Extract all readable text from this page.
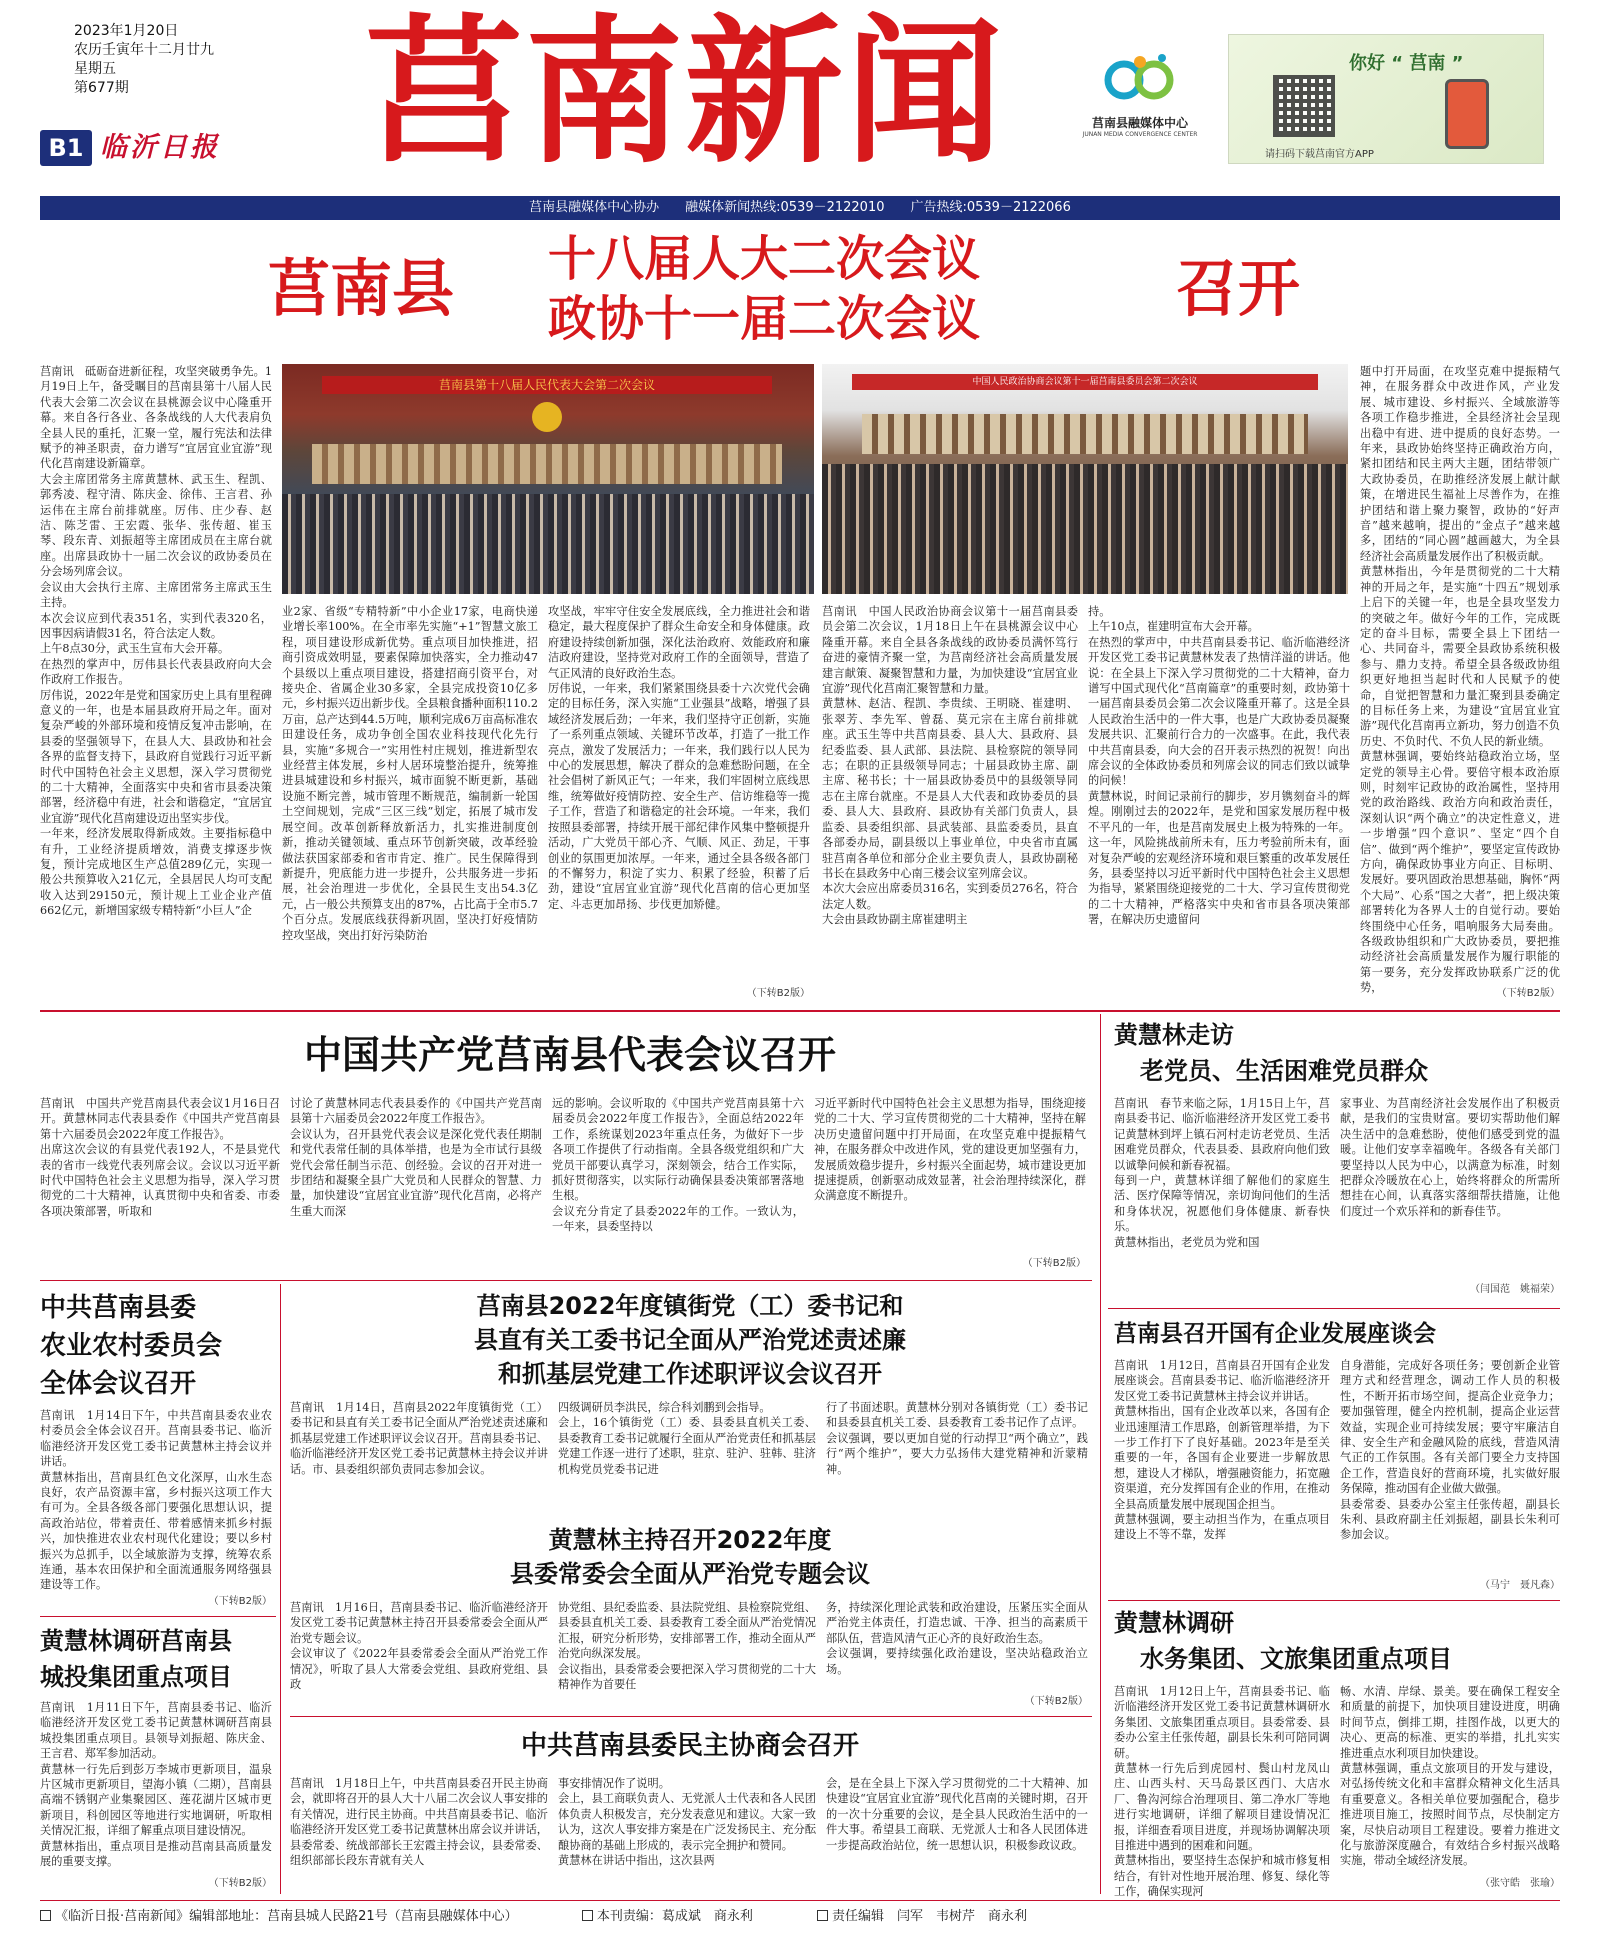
2023年1月20日
农历壬寅年十二月廿九
星期五
第677期
B1 临沂日报 莒南新闻	莒南县融媒体中心
JUNAN MEDIA CONVERGENCE CENTER
你好 “ 莒南 ”
请扫码下载莒南官方APP
莒南县融媒体中心协办　　融媒体新闻热线:0539－2122010　　广告热线:0539－2122066
莒南县 十八届人大二次会议
政协十一届二次会议	召开
莒南县第十八届人民代表大会第二次会议	中国人民政治协商会议第十一届莒南县委员会第二次会议
莒南讯　砥砺奋进新征程，攻坚突破勇争先。1月19日上午，备受瞩目的莒南县第十八届人民代表大会第二次会议在县桃源会议中心隆重开幕。来自各行各业、各条战线的人大代表肩负全县人民的重托，汇聚一堂，履行宪法和法律赋予的神圣职责，奋力谱写“宜居宜业宜游”现代化莒南建设新篇章。
大会主席团常务主席黄慧林、武玉生、程凯、郭秀凌、程守清、陈庆金、徐伟、王言君、孙运伟在主席台前排就座。厉伟、庄少春、赵洁、陈芝雷、王宏霞、张华、张传超、崔玉琴、段东青、刘振超等主席团成员在主席台就座。出席县政协十一届二次会议的政协委员在分会场列席会议。
会议由大会执行主席、主席团常务主席武玉生主持。
本次会议应到代表351名，实到代表320名，因事因病请假31名，符合法定人数。
上午8点30分，武玉生宣布大会开幕。
在热烈的掌声中，厉伟县长代表县政府向大会作政府工作报告。
厉伟说，2022年是党和国家历史上具有里程碑意义的一年，也是本届县政府开局之年。面对复杂严峻的外部环境和疫情反复冲击影响，在县委的坚强领导下，在县人大、县政协和社会各界的监督支持下，县政府自觉践行习近平新时代中国特色社会主义思想，深入学习贯彻党的二十大精神，全面落实中央和省市县委决策部署，经济稳中有进，社会和谐稳定，“宜居宜业宜游”现代化莒南建设迈出坚实步伐。
一年来，经济发展取得新成效。主要指标稳中有升，工业经济提质增效，消费支撑逐步恢复，预计完成地区生产总值289亿元，实现一般公共预算收入21亿元，全县居民人均可支配收入达到29150元，预计规上工业企业产值662亿元，新增国家级专精特新“小巨人”企
业2家、省级“专精特新”中小企业17家，电商快递业增长率100%。在全市率先实施“+1”智慧文旅工程，项目建设形成新优势。重点项目加快推进，招商引资成效明显，要素保障加快落实，全力推动47个县级以上重点项目建设，搭建招商引资平台，对接央企、省属企业30多家，全县完成投资10亿多元，乡村振兴迈出新步伐。全县粮食播种面积110.2万亩，总产达到44.5万吨，顺利完成6万亩高标准农田建设任务，成功争创全国农业科技现代化先行县，实施“多规合一”实用性村庄规划，推进新型农业经营主体发展，乡村人居环境整治提升，统筹推进县城建设和乡村振兴，城市面貌不断更新，基础设施不断完善，城市管理不断规范，编制新一轮国土空间规划，完成“三区三线”划定，拓展了城市发展空间。改革创新释放新活力，扎实推进制度创新，推动关键领域、重点环节创新突破，改革经验做法获国家部委和省市肯定、推广。民生保障得到新提升，兜底能力进一步提升，公共服务进一步拓展，社会治理进一步优化，全县民生支出54.3亿元，占一般公共预算支出的87%，占比高于全市5.7个百分点。发展底线获得新巩固，坚决打好疫情防控攻坚战，突出打好污染防治
攻坚战，牢牢守住安全发展底线，全力推进社会和谐稳定，最大程度保护了群众生命安全和身体健康。政府建设持续创新加强，深化法治政府、效能政府和廉洁政府建设，坚持党对政府工作的全面领导，营造了气正风清的良好政治生态。
厉伟说，一年来，我们紧紧围绕县委十六次党代会确定的目标任务，深入实施“工业强县”战略，增强了县域经济发展后劲；一年来，我们坚持守正创新，实施了一系列重点领域、关键环节改革，打造了一批工作亮点，激发了发展活力；一年来，我们践行以人民为中心的发展思想，解决了群众的急难愁盼问题，在全社会倡树了新风正气；一年来，我们牢固树立底线思维，统筹做好疫情防控、安全生产、信访维稳等一揽子工作，营造了和谐稳定的社会环境。一年来，我们按照县委部署，持续开展干部纪律作风集中整顿提升活动，广大党员干部心齐、气顺、风正、劲足，干事创业的氛围更加浓厚。一年来，通过全县各级各部门的不懈努力，积淀了实力、积累了经验，积蓄了后劲，建设“宜居宜业宜游”现代化莒南的信心更加坚定、斗志更加昂扬、步伐更加矫健。
（下转B2版）
莒南讯　中国人民政治协商会议第十一届莒南县委员会第二次会议，1月18日上午在县桃源会议中心隆重开幕。来自全县各条战线的政协委员满怀笃行奋进的豪情齐聚一堂，为莒南经济社会高质量发展建言献策、凝聚智慧和力量，为加快建设“宜居宜业宜游”现代化莒南汇聚智慧和力量。
黄慧林、赵洁、程凯、李贵续、王明晓、崔建明、张翠芳、李先军、曾磊、莫元宗在主席台前排就座。武玉生等中共莒南县委、县人大、县政府、县纪委监委、县人武部、县法院、县检察院的领导同志；在职的正县级领导同志；十届县政协主席、副主席、秘书长；十一届县政协委员中的县级领导同志在主席台就座。不是县人大代表和政协委员的县委、县人大、县政府、县政协有关部门负责人，县监委、县委组织部、县武装部、县监委委员，县直各部委办局，副县级以上事业单位，中央省市直属驻莒南各单位和部分企业主要负责人，县政协副秘书长在县政务中心南三楼会议室列席会议。
本次大会应出席委员316名，实到委员276名，符合法定人数。
大会由县政协副主席崔建明主
持。
上午10点，崔建明宣布大会开幕。
在热烈的掌声中，中共莒南县委书记、临沂临港经济开发区党工委书记黄慧林发表了热情洋溢的讲话。他说：在全县上下深入学习贯彻党的二十大精神，奋力谱写中国式现代化“莒南篇章”的重要时刻，政协第十一届莒南县委员会第二次会议隆重开幕了。这是全县人民政治生活中的一件大事，也是广大政协委员凝聚发展共识、汇聚前行合力的一次盛事。在此，我代表中共莒南县委，向大会的召开表示热烈的祝贺！向出席会议的全体政协委员和列席会议的同志们致以诚挚的问候！
黄慧林说，时间记录前行的脚步，岁月镌刻奋斗的辉煌。刚刚过去的2022年，是党和国家发展历程中极不平凡的一年，也是莒南发展史上极为特殊的一年。这一年，风险挑战前所未有，压力考验前所未有，面对复杂严峻的宏观经济环境和艰巨繁重的改革发展任务，县委坚持以习近平新时代中国特色社会主义思想为指导，紧紧围绕迎接党的二十大、学习宣传贯彻党的二十大精神，严格落实中央和省市县各项决策部署，在解决历史遗留问
题中打开局面，在攻坚克难中提振精气神，在服务群众中改进作风，产业发展、城市建设、乡村振兴、全域旅游等各项工作稳步推进，全县经济社会呈现出稳中有进、进中提质的良好态势。一年来，县政协始终坚持正确政治方向，紧扣团结和民主两大主题，团结带领广大政协委员，在助推经济发展上献计献策，在增进民生福祉上尽善作为，在推护团结和谐上聚力聚智，政协的“好声音”越来越响，提出的“金点子”越来越多，团结的“同心圆”越画越大，为全县经济社会高质量发展作出了积极贡献。
黄慧林指出，今年是贯彻党的二十大精神的开局之年，是实施“十四五”规划承上启下的关键一年，也是全县攻坚发力的突破之年。做好今年的工作，完成既定的奋斗目标，需要全县上下团结一心、共同奋斗，需要全县政协系统积极参与、鼎力支持。希望全县各级政协组织更好地担当起时代和人民赋予的使命，自觉把智慧和力量汇聚到县委确定的目标任务上来，为建设“宜居宜业宜游”现代化莒南再立新功，努力创造不负历史、不负时代、不负人民的新业绩。
黄慧林强调，要始终站稳政治立场，坚定党的领导主心骨。要倍守根本政治原则，时刻牢记政协的政治属性，坚持用党的政治路线、政治方向和政治责任，深刻认识“两个确立”的决定性意义，进一步增强“四个意识”、坚定“四个自信”、做到“两个维护”，要坚定宣传政协方向，确保政协事业方向正、目标明、发展好。要巩固政治思想基础，胸怀“两个大局”、心系“国之大者”，把上级决策部署转化为各界人士的自觉行动。要始终围绕中心任务，唱响服务大局奏曲。各级政协组织和广大政协委员，要把推动经济社会高质量发展作为履行职能的第一要务，充分发挥政协联系广泛的优势，	（下转B2版）
中国共产党莒南县代表会议召开
莒南讯　中国共产党莒南县代表会议1月16日召开。黄慧林同志代表县委作《中国共产党莒南县第十六届委员会2022年度工作报告》。
出席这次会议的有县党代表192人，不是县党代表的省市一线党代表列席会议。会议以习近平新时代中国特色社会主义思想为指导，深入学习贯彻党的二十大精神，认真贯彻中央和省委、市委各项决策部署，听取和
讨论了黄慧林同志代表县委作的《中国共产党莒南县第十六届委员会2022年度工作报告》。
会议认为，召开县党代表会议是深化党代表任期制和党代表常任制的具体举措，也是为全市试行县级党代会常任制当示范、创经验。会议的召开对进一步团结和凝聚全县广大党员和人民群众的智慧、力量，加快建设“宜居宜业宜游”现代化莒南，必将产生重大而深
远的影响。会议听取的《中国共产党莒南县第十六届委员会2022年度工作报告》，全面总结2022年工作，系统谋划2023年重点任务，为做好下一步各项工作提供了行动指南。全县各级党组织和广大党员干部要认真学习，深刻领会，结合工作实际，抓好贯彻落实，以实际行动确保县委决策部署落地生根。
会议充分肯定了县委2022年的工作。一致认为，一年来，县委坚持以
习近平新时代中国特色社会主义思想为指导，围绕迎接党的二十大、学习宣传贯彻党的二十大精神，坚持在解决历史遗留问题中打开局面，在攻坚克难中提振精气神，在服务群众中改进作风，党的建设更加坚强有力，发展质效稳步提升，乡村振兴全面起势，城市建设更加提速提质，创新驱动成效显著，社会治理持续深化，群众满意度不断提升。
（下转B2版）
黄慧林走访
老党员、生活困难党员群众
莒南讯　春节来临之际，1月15日上午，莒南县委书记、临沂临港经济开发区党工委书记黄慧林到坪上镇石河村走访老党员、生活困难党员群众，代表县委、县政府向他们致以诚挚问候和新春祝福。
每到一户，黄慧林详细了解他们的家庭生活、医疗保障等情况，亲切询问他们的生活和身体状况，祝愿他们身体健康、新春快乐。
黄慧林指出，老党员为党和国
家事业、为莒南经济社会发展作出了积极贡献，是我们的宝贵财富。要切实帮助他们解决生活中的急难愁盼，使他们感受到党的温暖。让他们安享幸福晚年。各级各有关部门要坚持以人民为中心，以满意为标准，时刻把群众冷暖放在心上，始终将群众的所需所想挂在心间，认真落实落细帮扶措施，让他们度过一个欢乐祥和的新春佳节。
（闫国范　姚福荣）
中共莒南县委
农业农村委员会
全体会议召开
莒南讯　1月14日下午，中共莒南县委农业农村委员会全体会议召开。莒南县委书记、临沂临港经济开发区党工委书记黄慧林主持会议并讲话。
黄慧林指出，莒南县红色文化深厚，山水生态良好，农产品资源丰富，乡村振兴这项工作大有可为。全县各级各部门要强化思想认识，提高政治站位，带着责任、带着感情来抓乡村振兴，加快推进农业农村现代化建设；要以乡村振兴为总抓手，以全域旅游为支撑，统筹农系连通，基本农田保护和全面流通服务网络强县建设等工作。
（下转B2版）
莒南县2022年度镇街党（工）委书记和
县直有关工委书记全面从严治党述责述廉
和抓基层党建工作述职评议会议召开
莒南讯　1月14日，莒南县2022年度镇街党（工）委书记和县直有关工委书记全面从严治党述责述廉和抓基层党建工作述职评议会议召开。莒南县委书记、临沂临港经济开发区党工委书记黄慧林主持会议并讲话。市、县委组织部负责同志参加会议。
四级调研员李洪民，综合科刘鹏到会指导。
会上，16个镇街党（工）委、县委县直机关工委、县委教育工委书记就履行全面从严治党责任和抓基层党建工作逐一进行了述职，驻京、驻沪、驻韩、驻济机构党员党委书记进
行了书面述职。黄慧林分别对各镇街党（工）委书记和县委县直机关工委、县委教育工委书记作了点评。
会议强调，要以更加自觉的行动捍卫“两个确立”，践行“两个维护”，要大力弘扬伟大建党精神和沂蒙精神。
黄慧林主持召开2022年度
县委常委会全面从严治党专题会议
莒南讯　1月16日，莒南县委书记、临沂临港经济开发区党工委书记黄慧林主持召开县委常委会全面从严治党专题会议。
会议审议了《2022年县委常委会全面从严治党工作情况》，听取了县人大常委会党组、县政府党组、县政
协党组、县纪委监委、县法院党组、县检察院党组、县委县直机关工委、县委教育工委全面从严治党情况汇报，研究分析形势，安排部署工作，推动全面从严治党向纵深发展。
会议指出，县委常委会要把深入学习贯彻党的二十大精神作为首要任
务，持续深化理论武装和政治建设，压紧压实全面从严治党主体责任，打造忠诚、干净、担当的高素质干部队伍，营造风清气正心齐的良好政治生态。
会议强调，要持续强化政治建设，坚决站稳政治立场。
（下转B2版）
莒南县召开国有企业发展座谈会
莒南讯　1月12日，莒南县召开国有企业发展座谈会。莒南县委书记、临沂临港经济开发区党工委书记黄慧林主持会议并讲话。
黄慧林指出，国有企业改革以来，各国有企业迅速厘清工作思路，创新管理举措，为下一步工作打下了良好基础。2023年是至关重要的一年，各国有企业要进一步解放思想，建设人才梯队，增强融资能力，拓宽融资渠道，充分发挥国有企业的作用，在推动全县高质量发展中展现国企担当。
黄慧林强调，要主动担当作为，在重点项目建设上不等不靠，发挥
自身潜能，完成好各项任务；要创新企业管理方式和经营理念，调动工作人员的积极性，不断开拓市场空间，提高企业竞争力；要加强管理，健全内控机制，提高企业运营效益，实现企业可持续发展；要守牢廉洁自律、安全生产和金融风险的底线，营造风清气正的工作氛围。各有关部门要全力支持国企工作，营造良好的营商环境，扎实做好服务保障，推动国有企业做大做强。
县委常委、县委办公室主任张传超，副县长朱利、县政府副主任刘振超，副县长朱利可参加会议。
（马宁　聂凡森）
黄慧林调研莒南县
城投集团重点项目
莒南讯　1月11日下午，莒南县委书记、临沂临港经济开发区党工委书记黄慧林调研莒南县城投集团重点项目。县领导刘振超、陈庆金、王言君、郑军参加活动。
黄慧林一行先后到彭万李城市更新项目，温泉片区城市更新项目，望海小镇（二期），莒南县高端不锈钢产业集聚园区、莲花湖片区城市更新项目，科创园区等地进行实地调研，听取相关情况汇报，详细了解重点项目建设情况。
黄慧林指出，重点项目是推动莒南县高质量发展的重要支撑。
（下转B2版）
黄慧林调研
水务集团、文旅集团重点项目
莒南讯　1月12日上午，莒南县委书记、临沂临港经济开发区党工委书记黄慧林调研水务集团、文旅集团重点项目。县委常委、县委办公室主任张传超，副县长朱利可陪同调研。
黄慧林一行先后到虎园村、鬓山村龙凤山庄、山西头村、天马岛景区西门、大店水厂、鲁沟河综合治理项目、第二净水厂等地进行实地调研，详细了解项目建设情况汇报，详细查看项目进度，并现场协调解决项目推进中遇到的困难和问题。
黄慧林指出，要坚持生态保护和城市修复相结合，有针对性地开展治理、修复、绿化等工作，确保实现河
畅、水清、岸绿、景美。要在确保工程安全和质量的前提下，加快项目建设进度，明确时间节点，倒排工期，挂图作战，以更大的决心、更高的标准、更实的举措，扎扎实实推进重点水利项目加快建设。
黄慧林强调，重点文旅项目的开发与建设，对弘扬传统文化和丰富群众精神文化生活具有重要意义。各相关单位要加强配合，稳步推进项目施工，按照时间节点，尽快制定方案，尽快启动项目工程建设。要着力推进文化与旅游深度融合，有效结合乡村振兴战略实施，带动全域经济发展。
（张守皓　张瑜）
中共莒南县委民主协商会召开
莒南讯　1月18日上午，中共莒南县委召开民主协商会，就即将召开的县人大十八届二次会议人事安排的有关情况，进行民主协商。中共莒南县委书记、临沂临港经济开发区党工委书记黄慧林出席会议并讲话，县委常委、统战部部长王宏霞主持会议，县委常委、组织部部长段东青就有关人
事安排情况作了说明。
会上，县工商联负责人、无党派人士代表和各人民团体负责人积极发言，充分发表意见和建议。大家一致认为，这次人事安排方案是在广泛发扬民主、充分酝酿协商的基础上形成的，表示完全拥护和赞同。
黄慧林在讲话中指出，这次县两
会，是在全县上下深入学习贯彻党的二十大精神、加快建设“宜居宜业宜游”现代化莒南的关键时期，召开的一次十分重要的会议，是全县人民政治生活中的一件大事。希望县工商联、无党派人士和各人民团体进一步提高政治站位，统一思想认识，积极参政议政。
《临沂日报·莒南新闻》编辑部地址：莒南县城人民路21号（莒南县融媒体中心）	本刊责编：葛成斌　商永利	责任编辑　闫军　韦树芹　商永利
